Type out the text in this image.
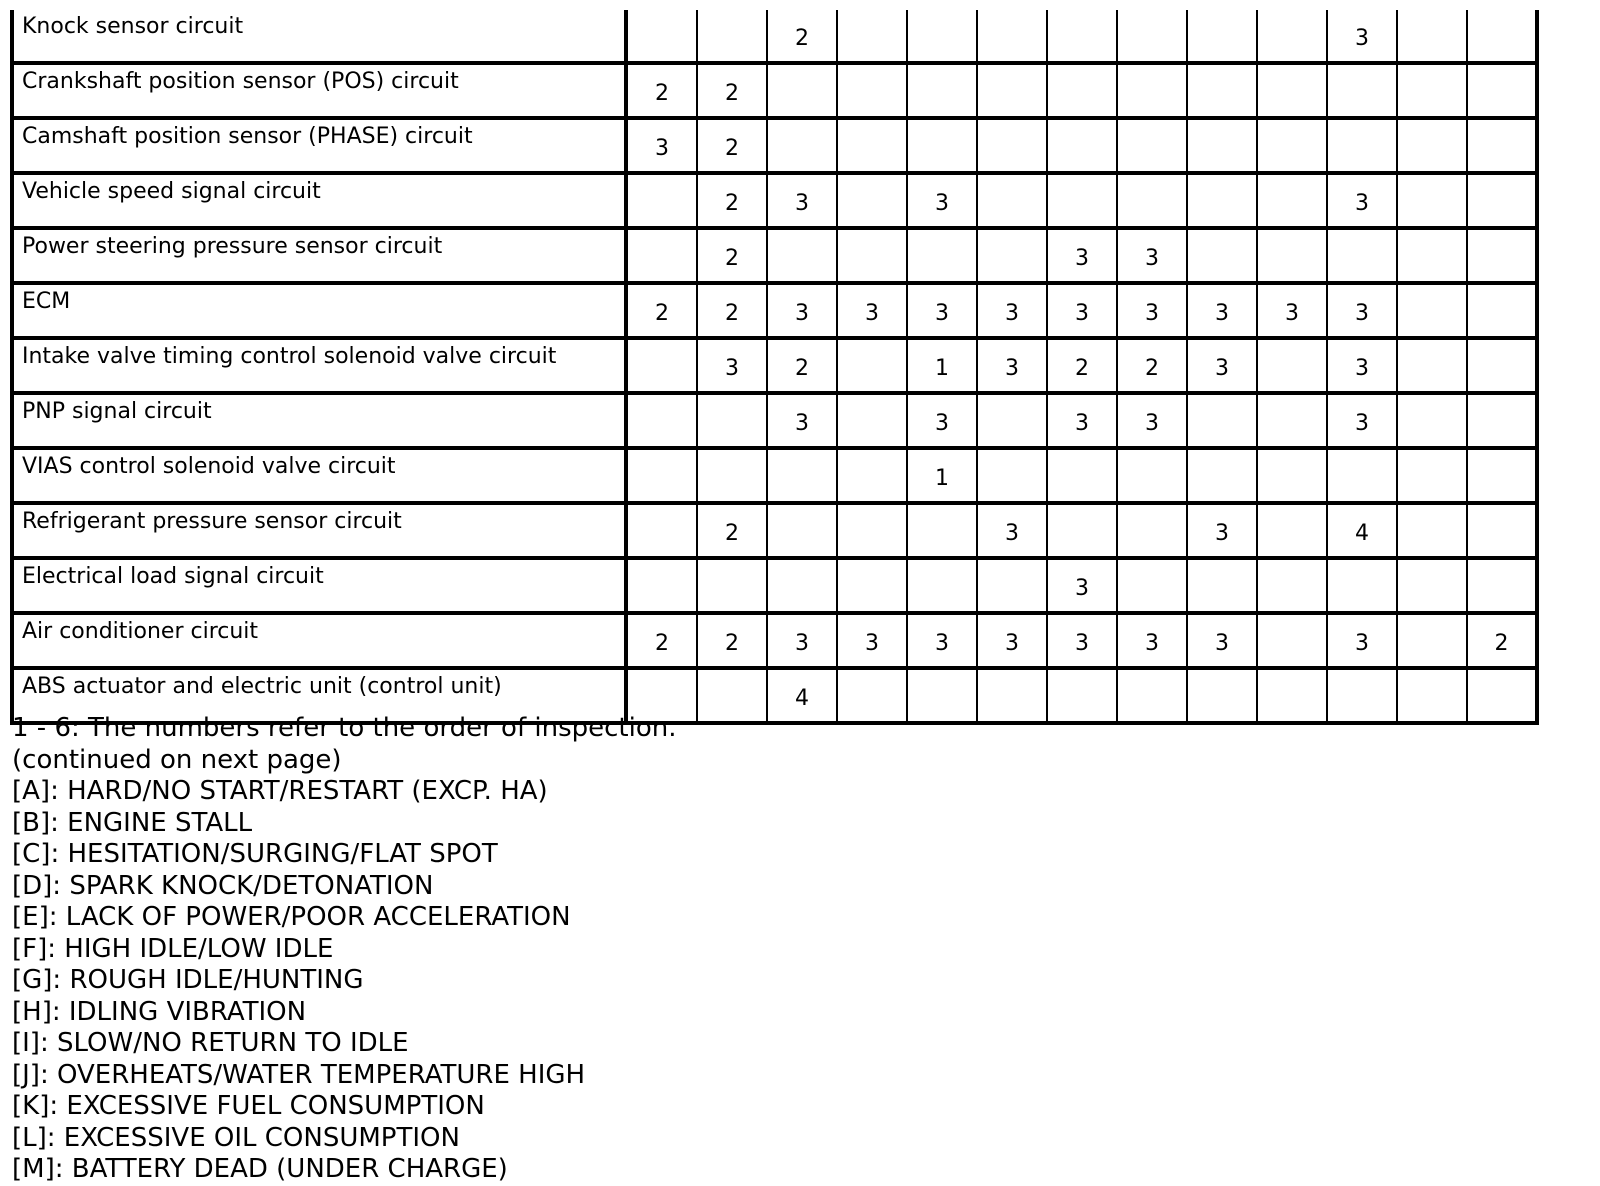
Knock sensor circuit			2								3		
Crankshaft position sensor (POS) circuit	2	2											
Camshaft position sensor (PHASE) circuit	3	2											
Vehicle speed signal circuit		2	3		3						3		
Power steering pressure sensor circuit		2					3	3					
ECM	2	2	3	3	3	3	3	3	3	3	3		
Intake valve timing control solenoid valve circuit		3	2		1	3	2	2	3		3		
PNP signal circuit			3		3		3	3			3		
VIAS control solenoid valve circuit					1								
Refrigerant pressure sensor circuit		2				3			3		4		
Electrical load signal circuit							3						
Air conditioner circuit	2	2	3	3	3	3	3	3	3		3		2
ABS actuator and electric unit (control unit)			4										
1 - 6: The numbers refer to the order of inspection.
(continued on next page)
[A]: HARD/NO START/RESTART (EXCP. HA)
[B]: ENGINE STALL
[C]: HESITATION/SURGING/FLAT SPOT
[D]: SPARK KNOCK/DETONATION
[E]: LACK OF POWER/POOR ACCELERATION
[F]: HIGH IDLE/LOW IDLE
[G]: ROUGH IDLE/HUNTING
[H]: IDLING VIBRATION
[I]: SLOW/NO RETURN TO IDLE
[J]: OVERHEATS/WATER TEMPERATURE HIGH
[K]: EXCESSIVE FUEL CONSUMPTION
[L]: EXCESSIVE OIL CONSUMPTION
[M]: BATTERY DEAD (UNDER CHARGE)
